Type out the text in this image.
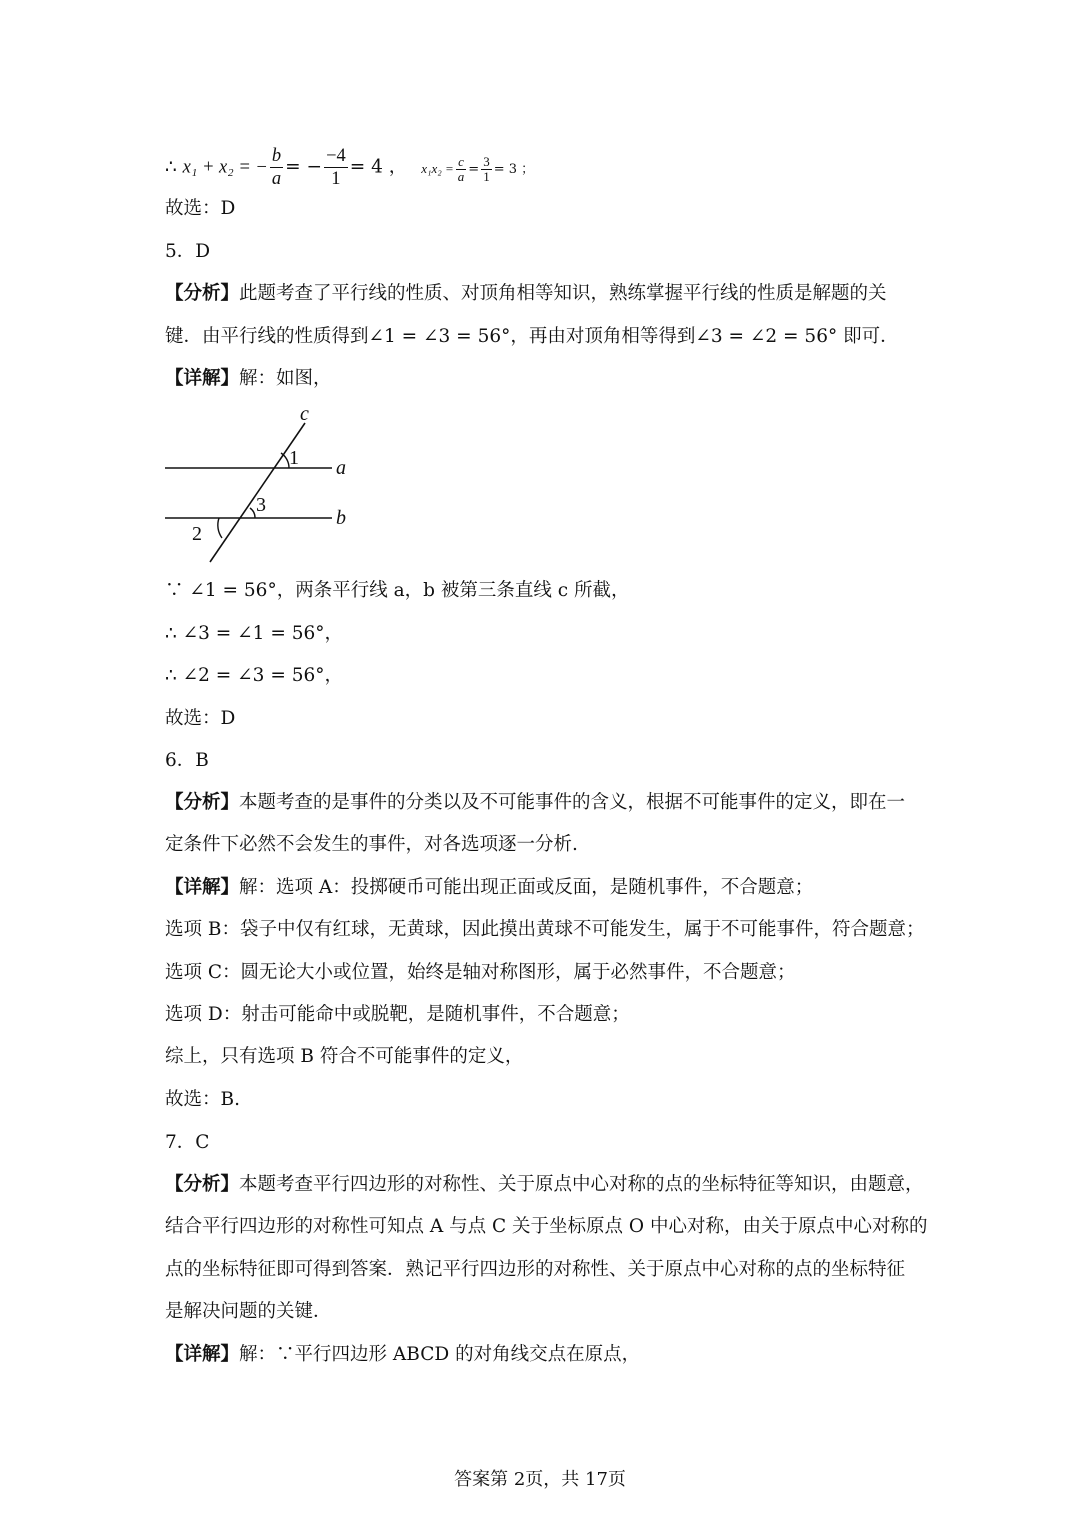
∴ x₁ + x₂ = − $\frac{b}{a}$ = − $\frac{-4}{1} = 4$ ， $x_1x_2 = \frac{c}{a} = \frac{3}{1} = 3$ ；
故选：D
5．D
【分析】此题考查了平行线的性质、对顶角相等知识，熟练掌握平行线的性质是解题的关
键．由平行线的性质得到∠1 = ∠3 = 56°，再由对顶角相等得到∠3 = ∠2 = 56° 即可．
【详解】解：如图，
c
1 a
3
b
2
∵ ∠1 = 56°，两条平行线 a，b 被第三条直线 c 所截，
∴ ∠3 = ∠1 = 56°，
∴ ∠2 = ∠3 = 56°，
故选：D
6．B
【分析】本题考查的是事件的分类以及不可能事件的含义，根据不可能事件的定义，即在一
定条件下必然不会发生的事件，对各选项逐一分析.
【详解】解：选项 A：投掷硬币可能出现正面或反面，是随机事件，不合题意；
选项 B：袋子中仅有红球，无黄球，因此摸出黄球不可能发生，属于不可能事件，符合题意；
选项 C：圆无论大小或位置，始终是轴对称图形，属于必然事件，不合题意；
选项 D：射击可能命中或脱靶，是随机事件，不合题意；
综上，只有选项 B 符合不可能事件的定义，
故选：B.
7．C
【分析】本题考查平行四边形的对称性、关于原点中心对称的点的坐标特征等知识，由题意，
结合平行四边形的对称性可知点 A 与点 C 关于坐标原点 O 中心对称，由关于原点中心对称的
点的坐标特征即可得到答案．熟记平行四边形的对称性、关于原点中心对称的点的坐标特征
是解决问题的关键．
【详解】解：∵平行四边形 ABCD 的对角线交点在原点，
答案第 2页，共 17页
